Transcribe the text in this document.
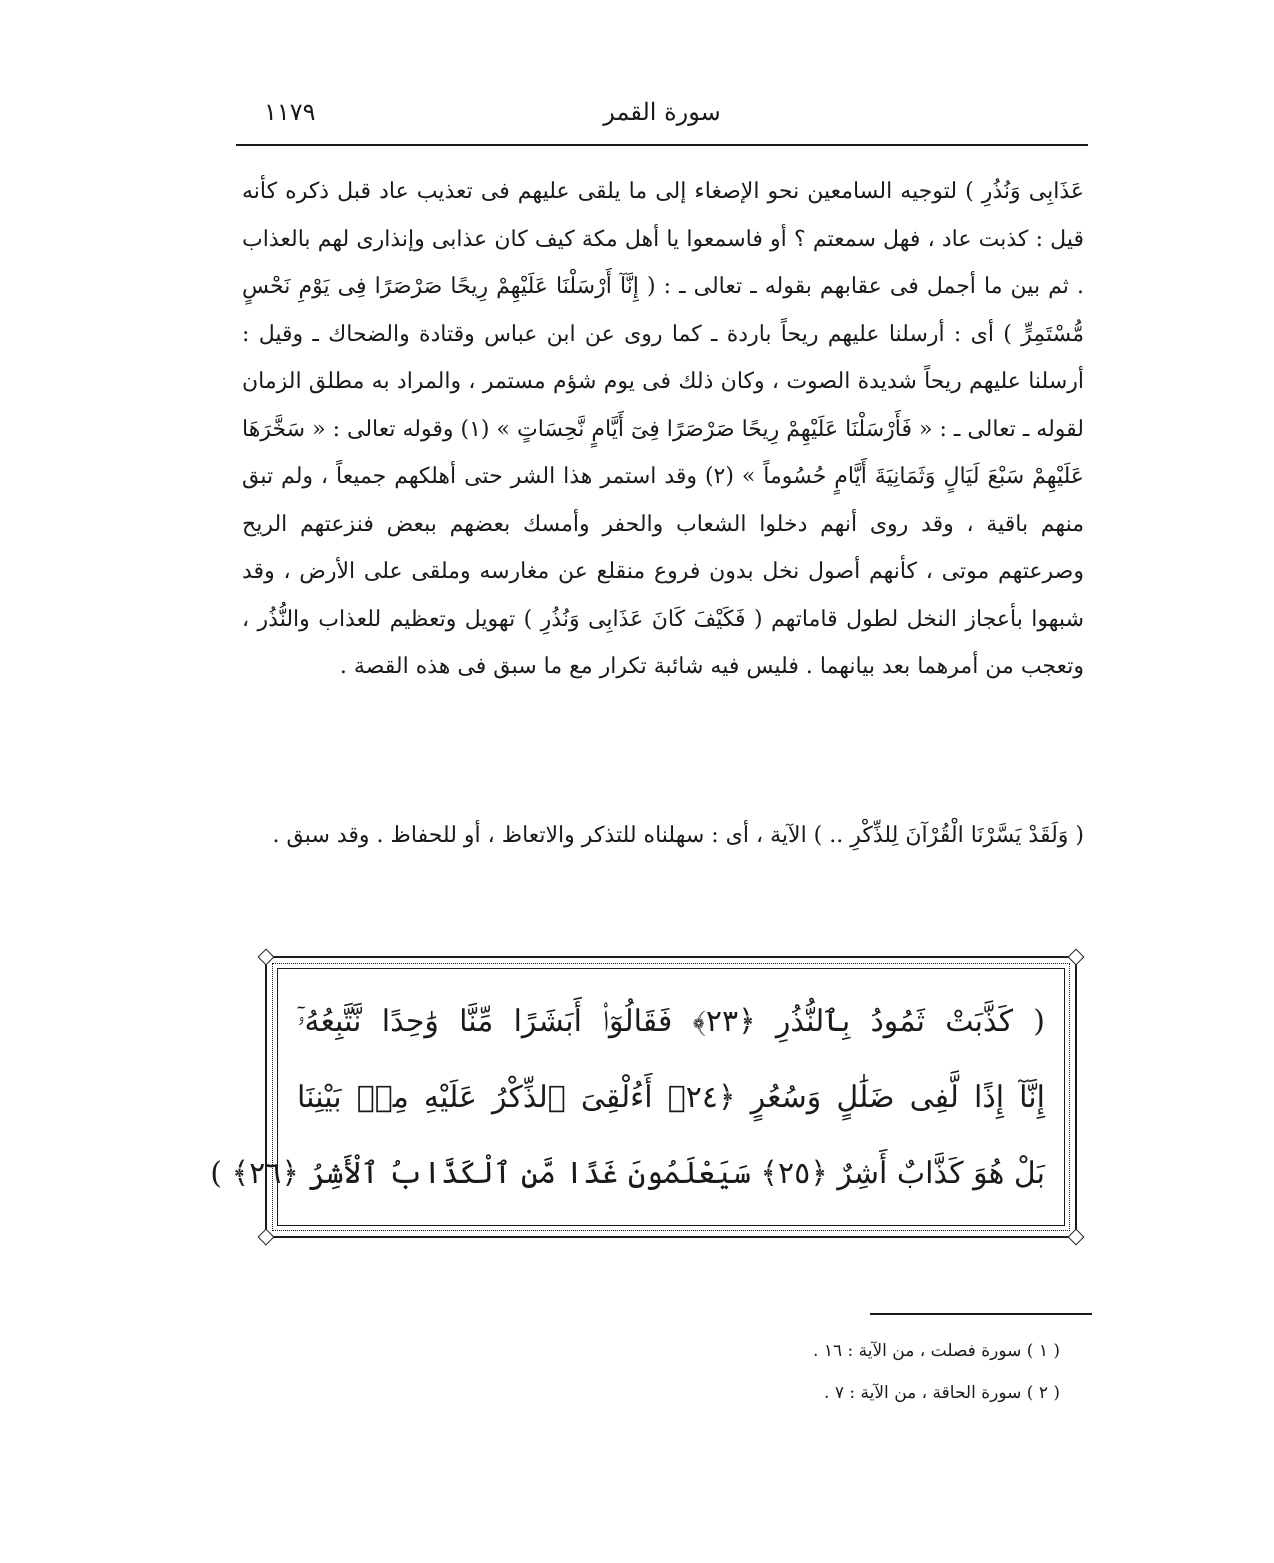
سورة القمر
١١٧٩
عَذَابِى وَنُذُرِ ) لتوجيه السامعين نحو الإصغاء إلى ما يلقى عليهم فى تعذيب عاد قبل ذكره كأنه قيل : كذبت عاد ، فهل سمعتم ؟ أو فاسمعوا يا أهل مكة كيف كان عذابى وإنذارى لهم بالعذاب . ثم بين ما أجمل فى عقابهم بقوله ـ تعالى ـ : ( إِنَّآ أَرْسَلْنَا عَلَيْهِمْ رِيحًا صَرْصَرًا فِى يَوْمِ نَحْسٍ مُّسْتَمِرٍّ ) أى : أرسلنا عليهم ريحاً باردة ـ كما روى عن ابن عباس وقتادة والضحاك ـ وقيل : أرسلنا عليهم ريحاً شديدة الصوت ، وكان ذلك فى يوم شؤم مستمر ، والمراد به مطلق الزمان لقوله ـ تعالى ـ : « فَأَرْسَلْنَا عَلَيْهِمْ رِيحًا صَرْصَرًا فِىٓ أَيَّامٍ نَّحِسَاتٍ » (١) وقوله تعالى : « سَخَّرَهَا عَلَيْهِمْ سَبْعَ لَيَالٍ وَثَمَانِيَةَ أَيَّامٍ حُسُوماً » (٢) وقد استمر هذا الشر حتى أهلكهم جميعاً ، ولم تبق منهم باقية ، وقد روى أنهم دخلوا الشعاب والحفر وأمسك بعضهم ببعض فنزعتهم الريح وصرعتهم موتى ، كأنهم أصول نخل بدون فروع منقلع عن مغارسه وملقى على الأرض ، وقد شبهوا بأعجاز النخل لطول قاماتهم ( فَكَيْفَ كَانَ عَذَابِى وَنُذُرِ ) تهويل وتعظيم للعذاب والنُّذُر ، وتعجب من أمرهما بعد بيانهما . فليس فيه شائبة تكرار مع ما سبق فى هذه القصة .
( وَلَقَدْ يَسَّرْنَا الْقُرْآنَ لِلذِّكْرِ .. ) الآية ، أى : سهلناه للتذكر والاتعاظ ، أو للحفاظ . وقد سبق .
( كَذَّبَتْ ثَمُودُ بِٱلنُّذُرِ ﴿٢٣﴾ فَقَالُوٓا۟ أَبَشَرًا مِّنَّا وَٰحِدًا نَّتَّبِعُهُۥٓ
إِنَّآ إِذًا لَّفِى ضَلَٰلٍ وَسُعُرٍ ﴿٢٤﴾ أَءُلْقِىَ ٱلذِّكْرُ عَلَيْهِ مِنۢ بَيْنِنَا
بَلْ هُوَ كَذَّابٌ أَشِرٌ ﴿٢٥﴾ سَيَعْلَمُونَ غَدًا مَّنِ ٱلْكَذَّابُ ٱلْأَشِرُ ﴿٢٦﴾ )
( ١ ) سورة فصلت ، من الآية : ١٦ .
( ٢ ) سورة الحاقة ، من الآية : ٧ .
